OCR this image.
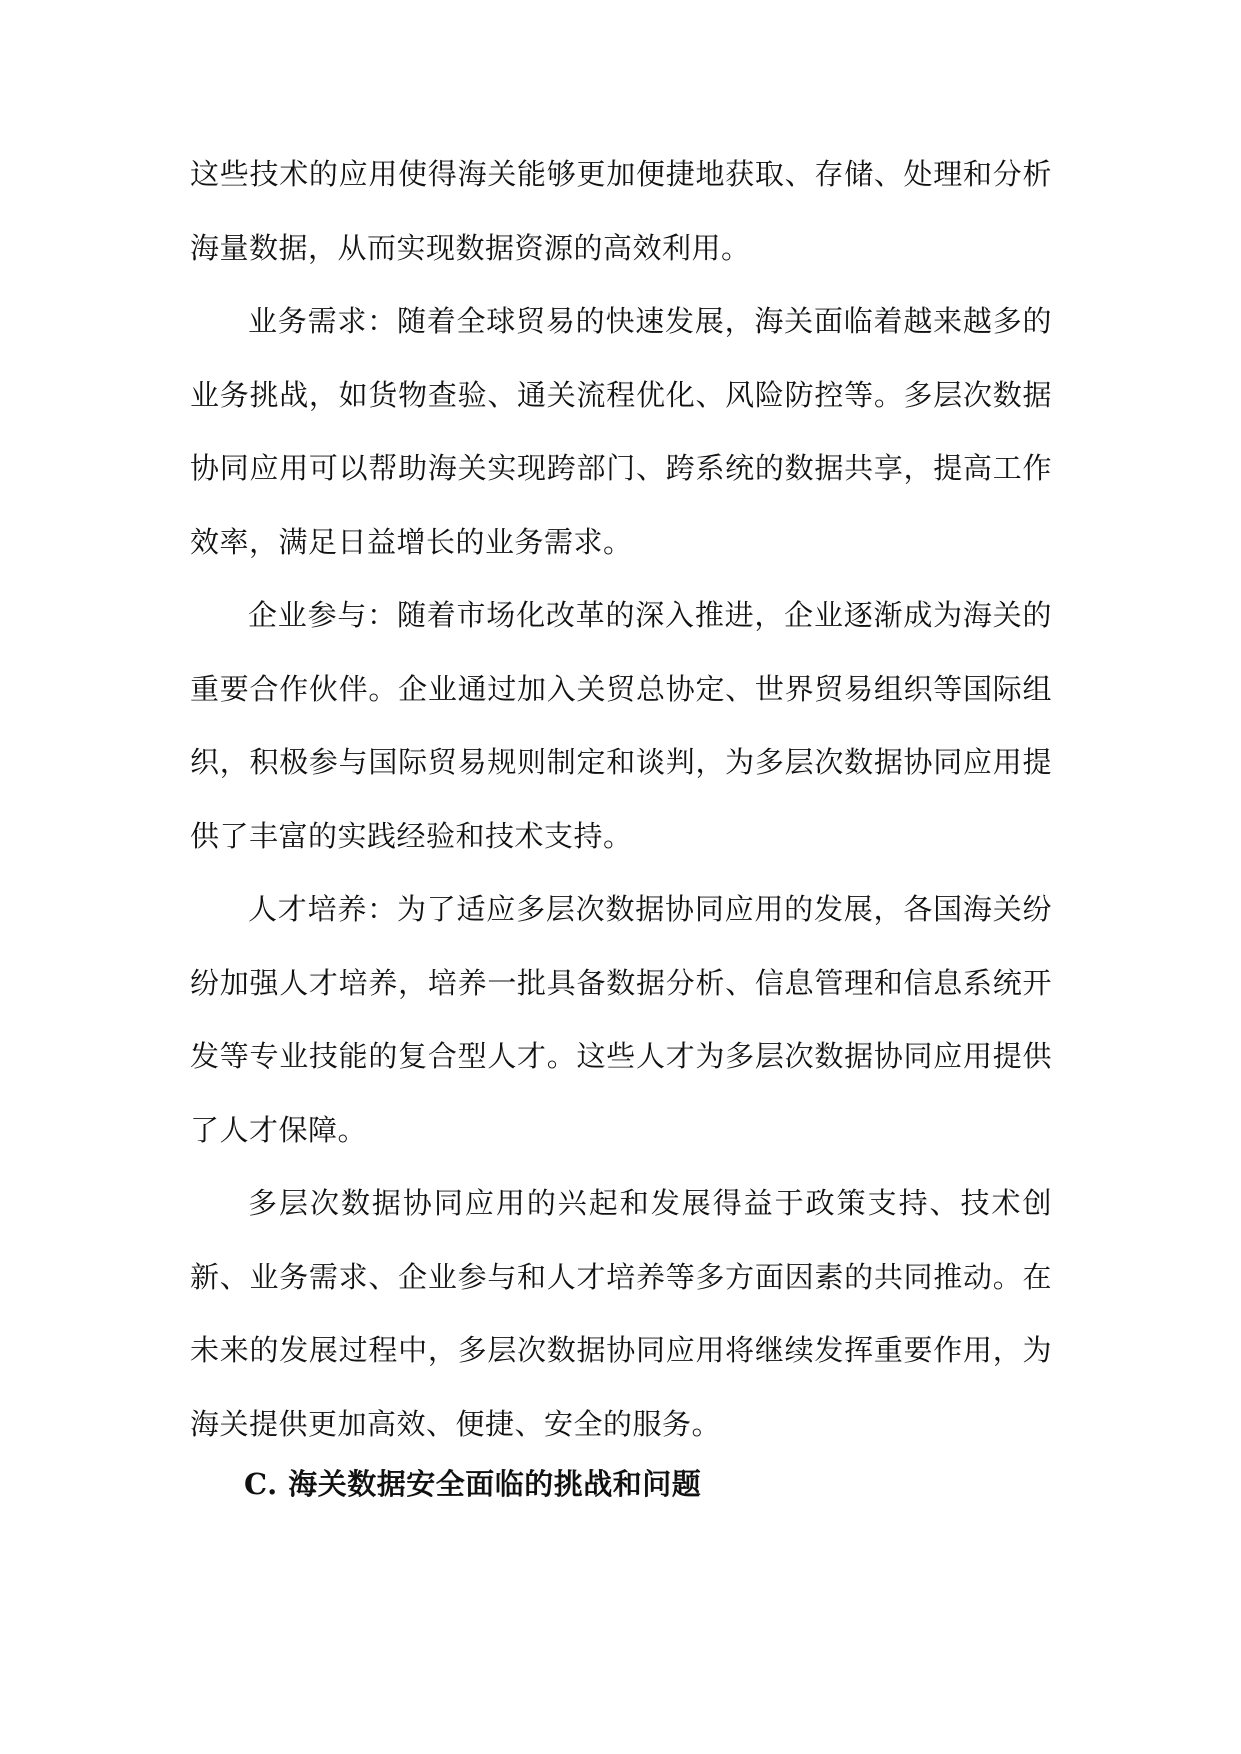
这些技术的应用使得海关能够更加便捷地获取、存储、处理和分析海量数据，从而实现数据资源的高效利用。

业务需求：随着全球贸易的快速发展，海关面临着越来越多的业务挑战，如货物查验、通关流程优化、风险防控等。多层次数据协同应用可以帮助海关实现跨部门、跨系统的数据共享，提高工作效率，满足日益增长的业务需求。

企业参与：随着市场化改革的深入推进，企业逐渐成为海关的重要合作伙伴。企业通过加入关贸总协定、世界贸易组织等国际组织，积极参与国际贸易规则制定和谈判，为多层次数据协同应用提供了丰富的实践经验和技术支持。

人才培养：为了适应多层次数据协同应用的发展，各国海关纷纷加强人才培养，培养一批具备数据分析、信息管理和信息系统开发等专业技能的复合型人才。这些人才为多层次数据协同应用提供了人才保障。

多层次数据协同应用的兴起和发展得益于政策支持、技术创新、业务需求、企业参与和人才培养等多方面因素的共同推动。在未来的发展过程中，多层次数据协同应用将继续发挥重要作用，为海关提供更加高效、便捷、安全的服务。

C. 海关数据安全面临的挑战和问题
